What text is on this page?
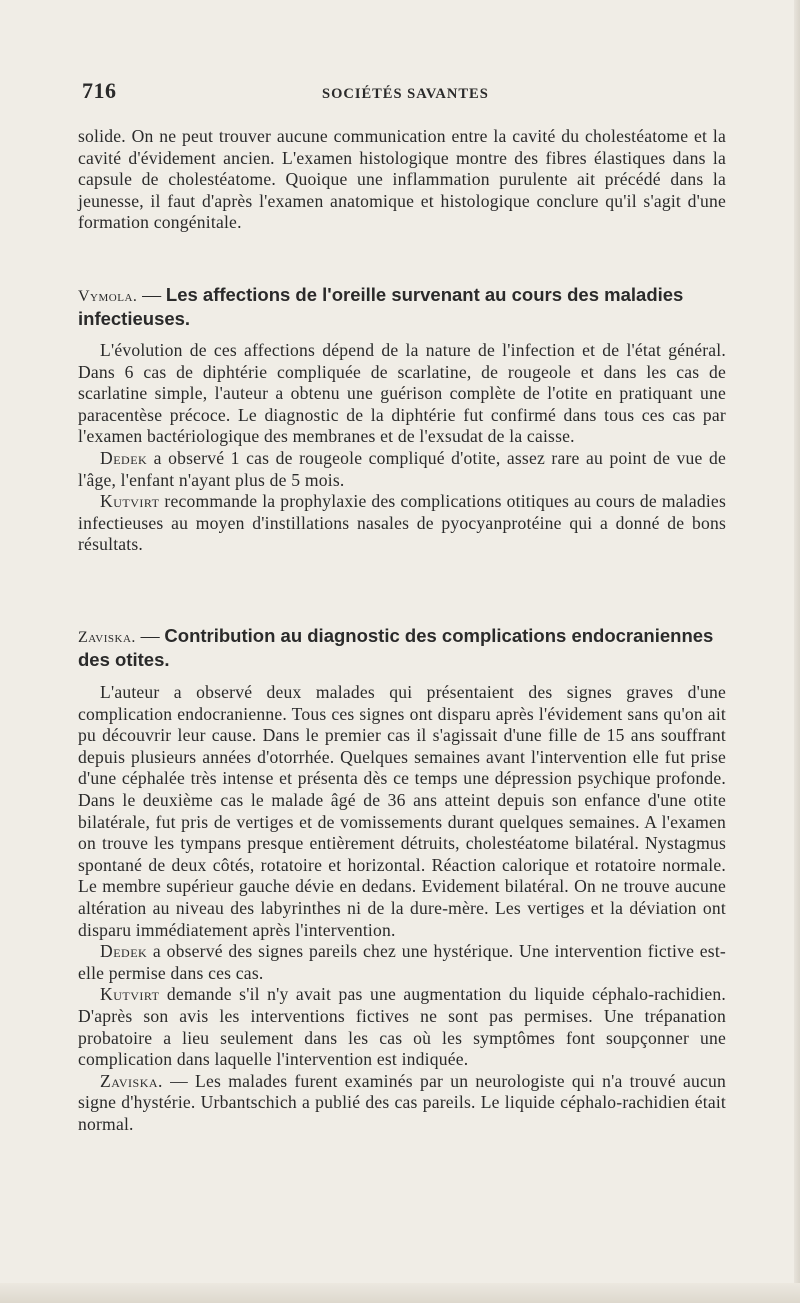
716	SOCIÉTÉS SAVANTES

solide. On ne peut trouver aucune communication entre la cavité du cholestéatome et la cavité d'évidement ancien. L'examen histologique montre des fibres élastiques dans la capsule de cholestéatome. Quoique une inflammation purulente ait précédé dans la jeunesse, il faut d'après l'examen anatomique et histologique conclure qu'il s'agit d'une formation congénitale.

Vymola. — Les affections de l'oreille survenant au cours des maladies infectieuses.

L'évolution de ces affections dépend de la nature de l'infection et de l'état général. Dans 6 cas de diphtérie compliquée de scarlatine, de rougeole et dans les cas de scarlatine simple, l'auteur a obtenu une guérison complète de l'otite en pratiquant une paracentèse précoce. Le diagnostic de la diphtérie fut confirmé dans tous ces cas par l'examen bactériologique des membranes et de l'exsudat de la caisse.

Dedek a observé 1 cas de rougeole compliqué d'otite, assez rare au point de vue de l'âge, l'enfant n'ayant plus de 5 mois.

Kutvirt recommande la prophylaxie des complications otitiques au cours de maladies infectieuses au moyen d'instillations nasales de pyocyanprotéine qui a donné de bons résultats.

Zaviska. — Contribution au diagnostic des complications endocraniennes des otites.

L'auteur a observé deux malades qui présentaient des signes graves d'une complication endocranienne. Tous ces signes ont disparu après l'évidement sans qu'on ait pu découvrir leur cause. Dans le premier cas il s'agissait d'une fille de 15 ans souffrant depuis plusieurs années d'otorrhée. Quelques semaines avant l'intervention elle fut prise d'une céphalée très intense et présenta dès ce temps une dépression psychique profonde. Dans le deuxième cas le malade âgé de 36 ans atteint depuis son enfance d'une otite bilatérale, fut pris de vertiges et de vomissements durant quelques semaines. A l'examen on trouve les tympans presque entièrement détruits, cholestéatome bilatéral. Nystagmus spontané de deux côtés, rotatoire et horizontal. Réaction calorique et rotatoire normale. Le membre supérieur gauche dévie en dedans. Evidement bilatéral. On ne trouve aucune altération au niveau des labyrinthes ni de la dure-mère. Les vertiges et la déviation ont disparu immédiatement après l'intervention.

Dedek a observé des signes pareils chez une hystérique. Une intervention fictive est-elle permise dans ces cas.

Kutvirt demande s'il n'y avait pas une augmentation du liquide céphalo-rachidien. D'après son avis les interventions fictives ne sont pas permises. Une trépanation probatoire a lieu seulement dans les cas où les symptômes font soupçonner une complication dans laquelle l'intervention est indiquée.

Zaviska. — Les malades furent examinés par un neurologiste qui n'a trouvé aucun signe d'hystérie. Urbantschich a publié des cas pareils. Le liquide céphalo-rachidien était normal.
